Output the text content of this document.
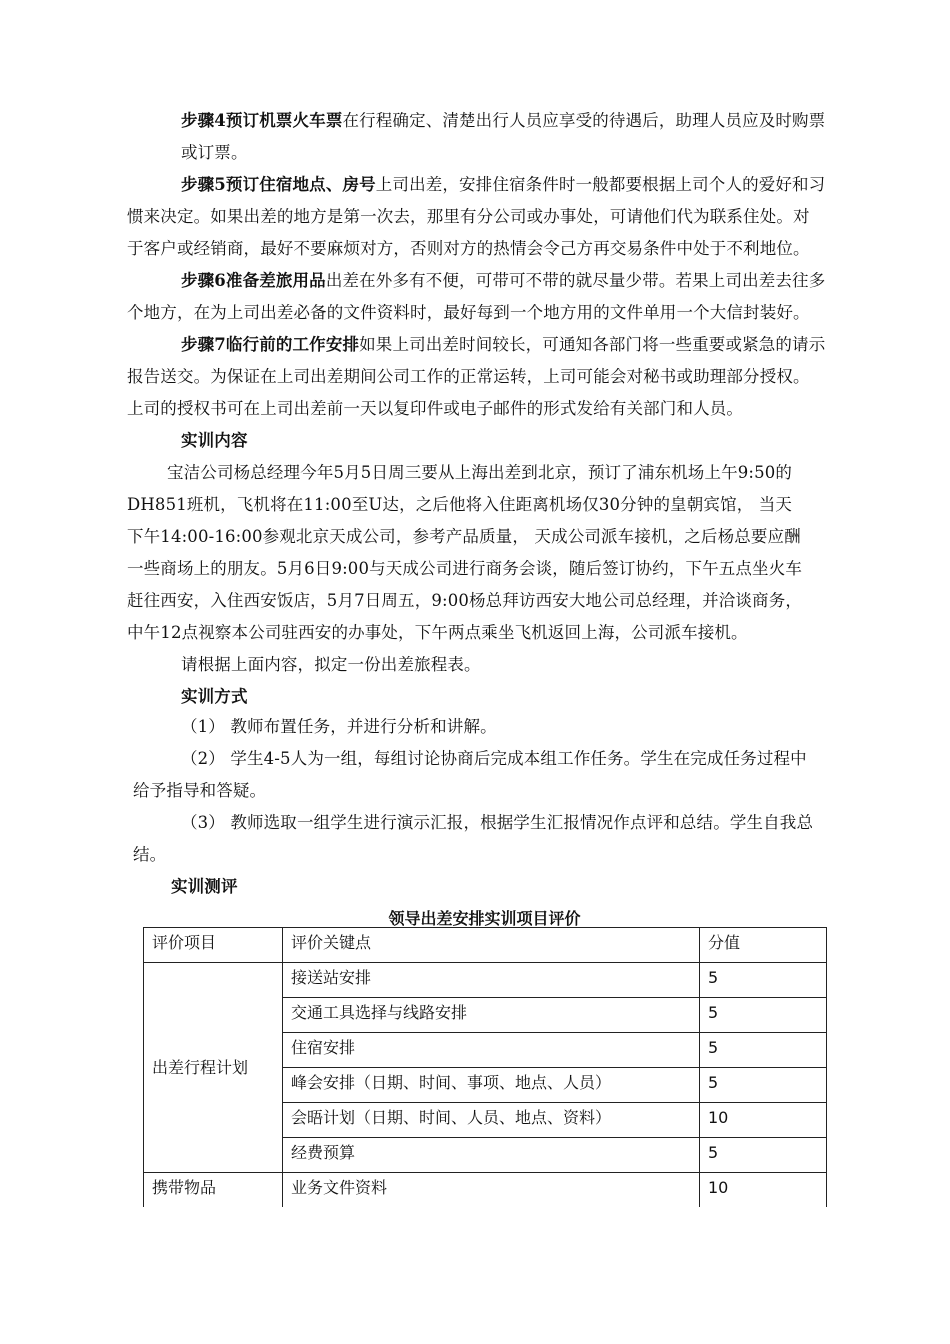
步骤4预订机票火车票在行程确定、清楚出行人员应享受的待遇后，助理人员应及时购票
或订票。
步骤5预订住宿地点、房号上司出差，安排住宿条件时一般都要根据上司个人的爱好和习
惯来决定。如果出差的地方是第一次去，那里有分公司或办事处，可请他们代为联系住处。对
于客户或经销商，最好不要麻烦对方，否则对方的热情会令己方再交易条件中处于不利地位。
步骤6准备差旅用品出差在外多有不便，可带可不带的就尽量少带。若果上司出差去往多
个地方，在为上司出差必备的文件资料时，最好每到一个地方用的文件单用一个大信封装好。
步骤7临行前的工作安排如果上司出差时间较长，可通知各部门将一些重要或紧急的请示
报告送交。为保证在上司出差期间公司工作的正常运转，上司可能会对秘书或助理部分授权。
上司的授权书可在上司出差前一天以复印件或电子邮件的形式发给有关部门和人员。
实训内容
宝洁公司杨总经理今年5月5日周三要从上海出差到北京，预订了浦东机场上午9:50的
DH851班机，飞机将在11:00至U达，之后他将入住距离机场仅30分钟的皇朝宾馆， 当天
下午14:00-16:00参观北京天成公司，参考产品质量， 天成公司派车接机，之后杨总要应酬
一些商场上的朋友。5月6日9:00与天成公司进行商务会谈，随后签订协约，下午五点坐火车
赶往西安，入住西安饭店，5月7日周五，9:00杨总拜访西安大地公司总经理，并洽谈商务，
中午12点视察本公司驻西安的办事处，下午两点乘坐飞机返回上海，公司派车接机。
请根据上面内容，拟定一份出差旅程表。
实训方式
（1） 教师布置任务，并进行分析和讲解。
（2） 学生4-5人为一组，每组讨论协商后完成本组工作任务。学生在完成任务过程中
给予指导和答疑。
（3） 教师选取一组学生进行演示汇报，根据学生汇报情况作点评和总结。学生自我总
结。
实训测评
领导出差安排实训项目评价
评价项目	评价关键点	分值
出差行程计划	接送站安排	5
	交通工具选择与线路安排	5
	住宿安排	5
	峰会安排（日期、时间、事项、地点、人员）	5
	会晤计划（日期、时间、人员、地点、资料）	10
	经费预算	5
携带物品	业务文件资料	10
